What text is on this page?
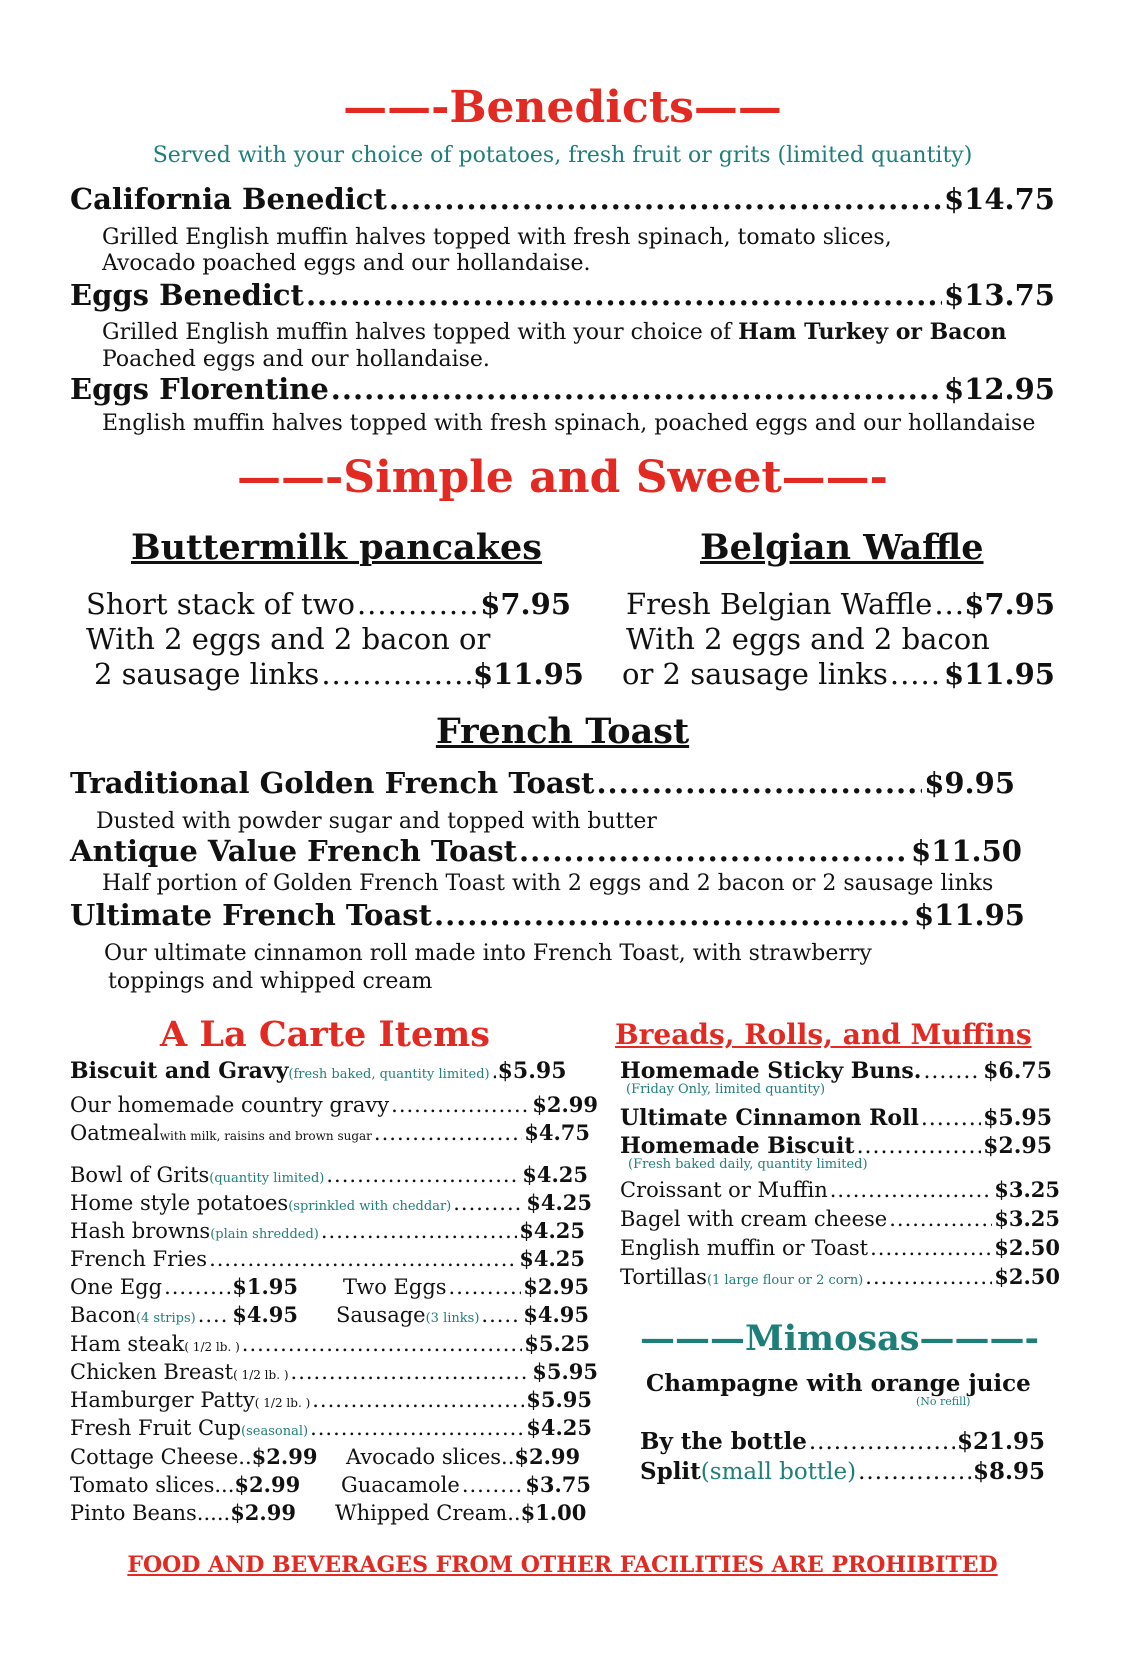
——-Benedicts——
Served with your choice of potatoes, fresh fruit or grits (limited quantity)
California Benedict .....	$14.75
Grilled English muffin halves topped with fresh spinach, tomato slices,
Avocado poached eggs and our hollandaise.
Eggs Benedict .....	$13.75
Grilled English muffin halves topped with your choice of Ham Turkey or Bacon
Poached eggs and our hollandaise.
Eggs Florentine .....	$12.95
English muffin halves topped with fresh spinach, poached eggs and our hollandaise
——-Simple and Sweet——-
Buttermilk pancakes	Belgian Waffle
Short stack of two .....	$7.95
With 2 eggs and 2 bacon or
2 sausage links .....	$11.95
Fresh Belgian Waffle ..... $7.95
With 2 eggs and 2 bacon
or 2 sausage links ..... $11.95
French Toast
Traditional Golden French Toast .....	$9.95
Dusted with powder sugar and topped with butter
Antique Value French Toast .....	$11.50
Half portion of Golden French Toast with 2 eggs and 2 bacon or 2 sausage links
Ultimate French Toast .....	$11.95
Our ultimate cinnamon roll made into French Toast, with strawberry
toppings and whipped cream
A La Carte Items
Biscuit and Gravy (fresh baked, quantity limited) ..... $5.95
Our homemade country gravy .....	$2.99
Oatmeal with milk, raisins and brown sugar .....	$4.75
Bowl of Grits (quantity limited) .....	$4.25
Home style potatoes (sprinkled with cheddar) .....	$4.25
Hash browns (plain shredded) .....	$4.25
French Fries .....	$4.25
One Egg .....	$1.95 Two Eggs .....	$2.95
Bacon (4 strips) ..... $4.95 Sausage (3 links) ..... $4.95
Ham steak ( 1/2 lb. ) .....	$5.25
Chicken Breast ( 1/2 lb. ) .....	$5.95
Hamburger Patty ( 1/2 lb. ) .....	$5.95
Fresh Fruit Cup (seasonal) .....	$4.25
Cottage Cheese..$2.99 Avocado slices..$2.99
Tomato slices...$2.99 Guacamole .....	$3.75
Pinto Beans.....$2.99 Whipped Cream..$1.00
Breads, Rolls, and Muffins
Homemade Sticky Buns. .....	$6.75
(Friday Only, limited quantity)
Ultimate Cinnamon Roll .....	$5.95
Homemade Biscuit .....	$2.95
(Fresh baked daily, quantity limited)
Croissant or Muffin .....	$3.25
Bagel with cream cheese .....	$3.25
English muffin or Toast .....	$2.50
Tortillas (1 large flour or 2 corn) .....	$2.50
———Mimosas———-
Champagne with orange juice
(No refill)
By the bottle .....	$21.95
Split (small bottle) .....	$8.95
FOOD AND BEVERAGES FROM OTHER FACILITIES ARE PROHIBITED
